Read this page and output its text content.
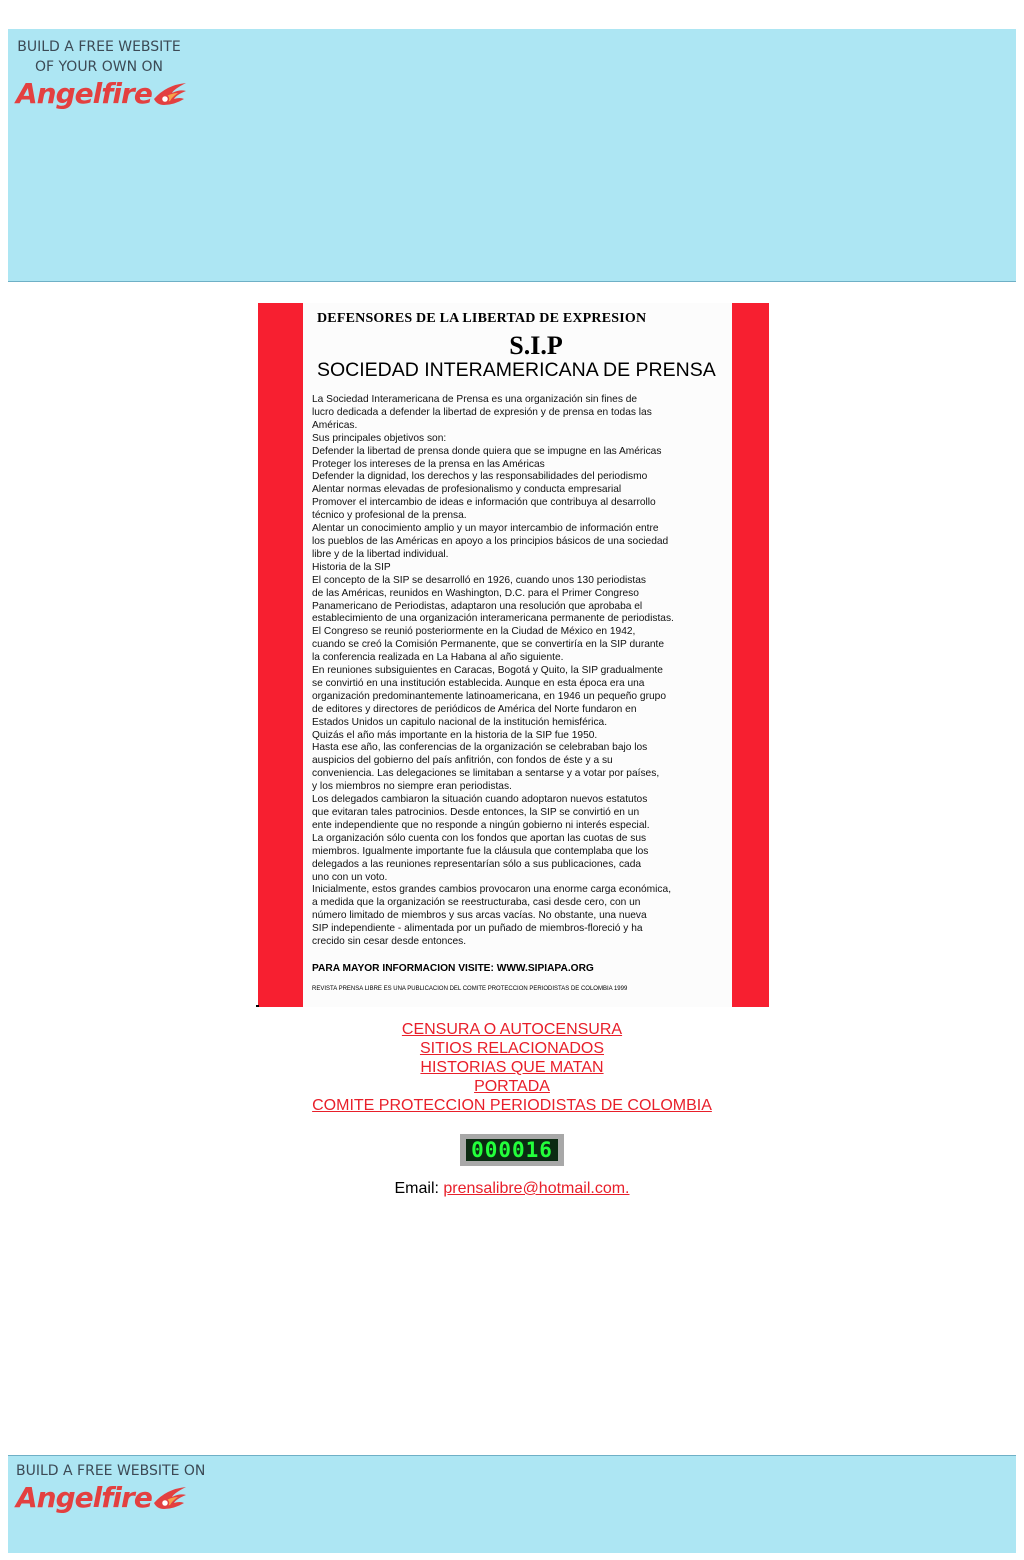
BUILD A FREE WEBSITE
OF YOUR OWN ON
Angelfire
DEFENSORES DE LA LIBERTAD DE EXPRESION
S.I.P
SOCIEDAD INTERAMERICANA DE PRENSA
La Sociedad Interamericana de Prensa es una organización sin fines de
lucro dedicada a defender la libertad de expresión y de prensa en todas las
Américas.
Sus principales objetivos son:
Defender la libertad de prensa donde quiera que se impugne en las Américas
Proteger los intereses de la prensa en las Américas
Defender la dignidad, los derechos y las responsabilidades del periodismo
Alentar normas elevadas de profesionalismo y conducta empresarial
Promover el intercambio de ideas e información que contribuya al desarrollo
técnico y profesional de la prensa.
Alentar un conocimiento amplio y un mayor intercambio de información entre
los pueblos de las Américas en apoyo a los principios básicos de una sociedad
libre y de la libertad individual.
Historia de la SIP
El concepto de la SIP se desarrolló en 1926, cuando unos 130 periodistas
de las Américas, reunidos en Washington, D.C. para el Primer Congreso
Panamericano de Periodistas, adaptaron una resolución que aprobaba el
establecimiento de una organización interamericana permanente de periodistas.
El Congreso se reunió posteriormente en la Ciudad de México en 1942,
cuando se creó la Comisión Permanente, que se convertiría en la SIP durante
la conferencia realizada en La Habana al año siguiente.
En reuniones subsiguientes en Caracas, Bogotá y Quito, la SIP gradualmente
se convirtió en una institución establecida. Aunque en esta época era una
organización predominantemente latinoamericana, en 1946 un pequeño grupo
de editores y directores de periódicos de América del Norte fundaron en
Estados Unidos un capitulo nacional de la institución hemisférica.
Quizás el año más importante en la historia de la SIP fue 1950.
Hasta ese año, las conferencias de la organización se celebraban bajo los
auspicios del gobierno del país anfitrión, con fondos de éste y a su
conveniencia. Las delegaciones se limitaban a sentarse y a votar por países,
y los miembros no siempre eran periodistas.
Los delegados cambiaron la situación cuando adoptaron nuevos estatutos
que evitaran tales patrocinios. Desde entonces, la SIP se convirtió en un
ente independiente que no responde a ningún gobierno ni interés especial.
La organización sólo cuenta con los fondos que aportan las cuotas de sus
miembros. Igualmente importante fue la cláusula que contemplaba que los
delegados a las reuniones representarían sólo a sus publicaciones, cada
uno con un voto.
Inicialmente, estos grandes cambios provocaron una enorme carga económica,
a medida que la organización se reestructuraba, casi desde cero, con un
número limitado de miembros y sus arcas vacías. No obstante, una nueva
SIP independiente - alimentada por un puñado de miembros-floreció y ha
crecido sin cesar desde entonces.
PARA MAYOR INFORMACION VISITE: WWW.SIPIAPA.ORG
REVISTA PRENSA LIBRE ES UNA PUBLICACION DEL COMITE PROTECCION PERIODISTAS DE COLOMBIA 1999
CENSURA O AUTOCENSURA
SITIOS RELACIONADOS
HISTORIAS QUE MATAN
PORTADA
COMITE PROTECCION PERIODISTAS DE COLOMBIA
000016
Email: prensalibre@hotmail.com.
BUILD A FREE WEBSITE ON
Angelfire
